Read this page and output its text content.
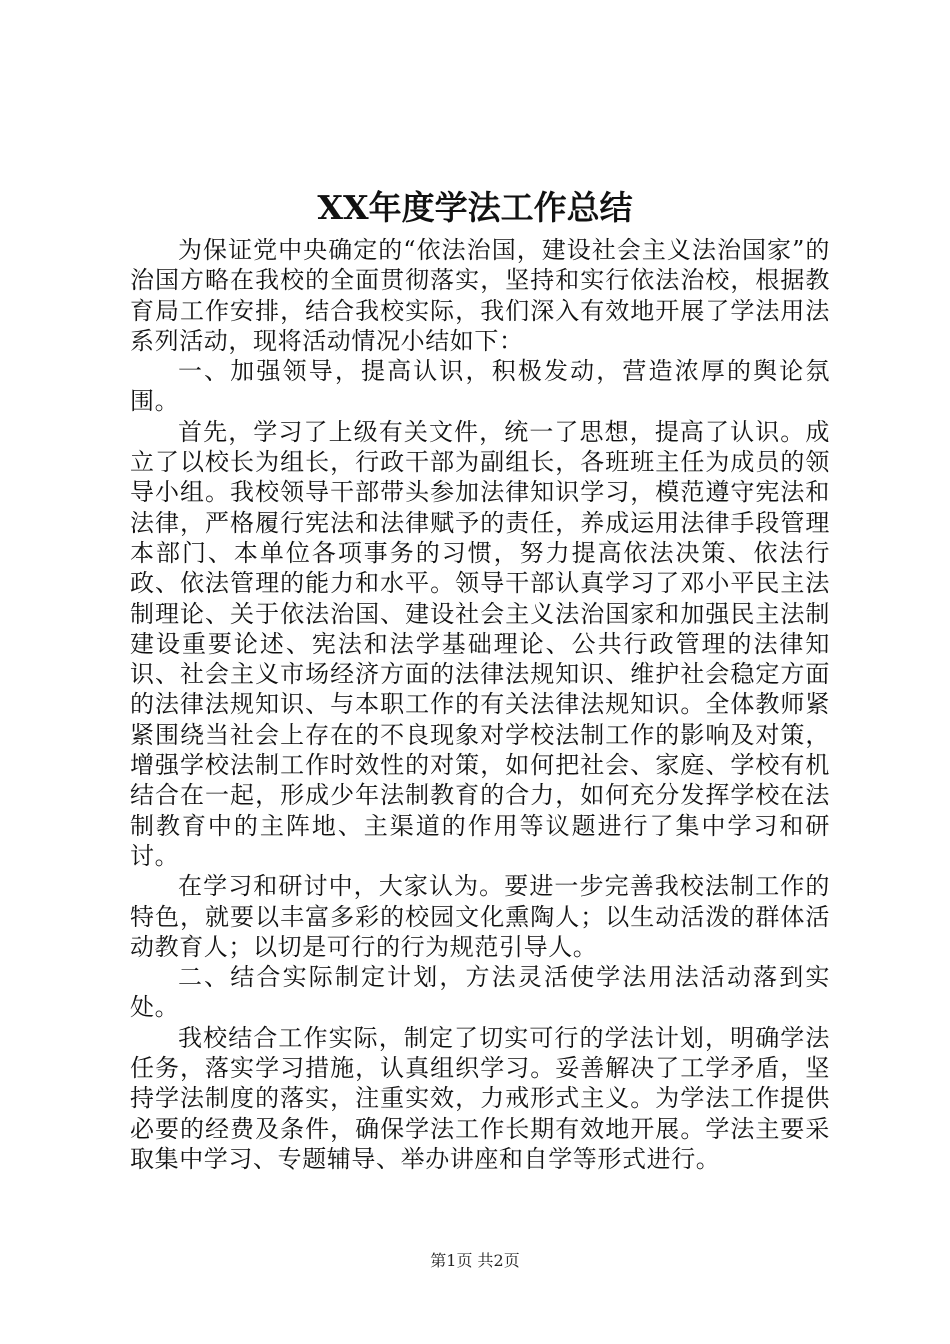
XX年度学法工作总结

为保证党中央确定的“依法治国，建设社会主义法治国家”的治国方略在我校的全面贯彻落实，坚持和实行依法治校，根据教育局工作安排，结合我校实际，我们深入有效地开展了学法用法系列活动，现将活动情况小结如下：

一、加强领导，提高认识，积极发动，营造浓厚的舆论氛围。

首先，学习了上级有关文件，统一了思想，提高了认识。成立了以校长为组长，行政干部为副组长，各班班主任为成员的领导小组。我校领导干部带头参加法律知识学习，模范遵守宪法和法律，严格履行宪法和法律赋予的责任，养成运用法律手段管理本部门、本单位各项事务的习惯，努力提高依法决策、依法行政、依法管理的能力和水平。领导干部认真学习了邓小平民主法制理论、关于依法治国、建设社会主义法治国家和加强民主法制建设重要论述、宪法和法学基础理论、公共行政管理的法律知识、社会主义市场经济方面的法律法规知识、维护社会稳定方面的法律法规知识、与本职工作的有关法律法规知识。全体教师紧紧围绕当社会上存在的不良现象对学校法制工作的影响及对策，增强学校法制工作时效性的对策，如何把社会、家庭、学校有机结合在一起，形成少年法制教育的合力，如何充分发挥学校在法制教育中的主阵地、主渠道的作用等议题进行了集中学习和研讨。

在学习和研讨中，大家认为。要进一步完善我校法制工作的特色，就要以丰富多彩的校园文化熏陶人；以生动活泼的群体活动教育人；以切是可行的行为规范引导人。

二、结合实际制定计划，方法灵活使学法用法活动落到实处。

我校结合工作实际，制定了切实可行的学法计划，明确学法任务，落实学习措施，认真组织学习。妥善解决了工学矛盾，坚持学法制度的落实，注重实效，力戒形式主义。为学法工作提供必要的经费及条件，确保学法工作长期有效地开展。学法主要采取集中学习、专题辅导、举办讲座和自学等形式进行。

第1页 共2页
